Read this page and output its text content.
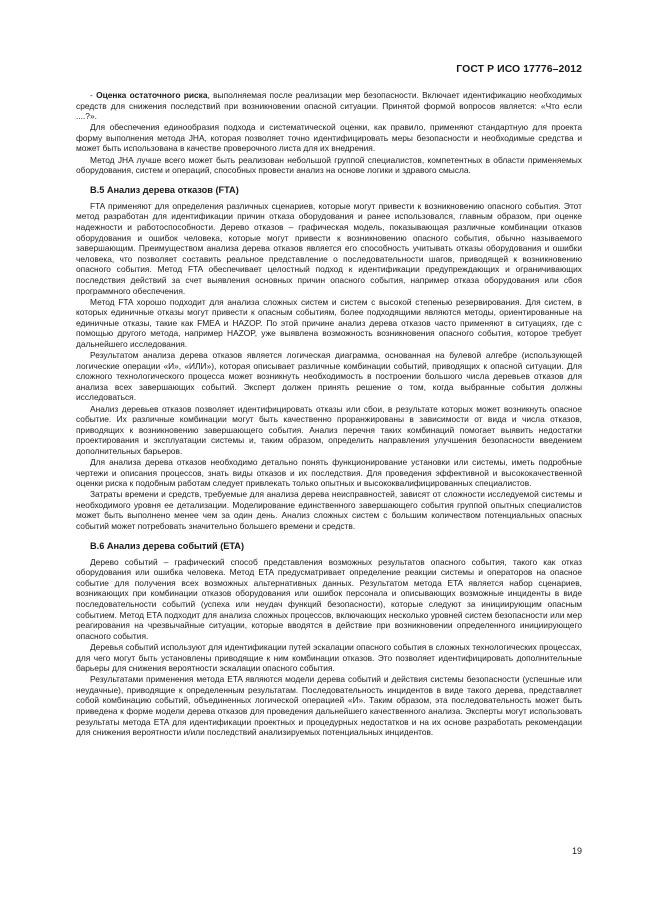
ГОСТ Р ИСО 17776–2012

- Оценка остаточного риска, выполняемая после реализации мер безопасности. Включает идентификацию необходимых средств для снижения последствий при возникновении опасной ситуации. Принятой формой вопросов является: «Что если ....?».

Для обеспечения единообразия подхода и систематической оценки, как правило, применяют стандартную для проекта форму выполнения метода JHA, которая позволяет точно идентифицировать меры безопасности и необходимые средства и может быть использована в качестве проверочного листа для их внедрения.

Метод JHA лучше всего может быть реализован небольшой группой специалистов, компетентных в области применяемых оборудования, систем и операций, способных провести анализ на основе логики и здравого смысла.

B.5 Анализ дерева отказов (FTA)

FTA применяют для определения различных сценариев, которые могут привести к возникновению опасного события. Этот метод разработан для идентификации причин отказа оборудования и ранее использовался, главным образом, при оценке надежности и работоспособности. Дерево отказов – графическая модель, показывающая различные комбинации отказов оборудования и ошибок человека, которые могут привести к возникновению опасного события, обычно называемого завершающим. Преимуществом анализа дерева отказов является его способность учитывать отказы оборудования и ошибки человека, что позволяет составить реальное представление о последовательности шагов, приводящей к возникновению опасного события. Метод FTA обеспечивает целостный подход к идентификации предупреждающих и ограничивающих последствия действий за счет выявления основных причин опасного события, например отказа оборудования или сбоя программного обеспечения.

Метод FTA хорошо подходит для анализа сложных систем и систем с высокой степенью резервирования. Для систем, в которых единичные отказы могут привести к опасным событиям, более подходящими являются методы, ориентированные на единичные отказы, такие как FMEA и HAZOP. По этой причине анализ дерева отказов часто применяют в ситуациях, где с помощью другого метода, например HAZOP, уже выявлена возможность возникновения опасного события, которое требует дальнейшего исследования.

Результатом анализа дерева отказов является логическая диаграмма, основанная на булевой алгебре (использующей логические операции «И», «ИЛИ»), которая описывает различные комбинации событий, приводящих к опасной ситуации. Для сложного технологического процесса может возникнуть необходимость в построении большого числа деревьев отказов для анализа всех завершающих событий. Эксперт должен принять решение о том, когда выбранные события должны исследоваться.

Анализ деревьев отказов позволяет идентифицировать отказы или сбои, в результате которых может возникнуть опасное событие. Их различные комбинации могут быть качественно проранжированы в зависимости от вида и числа отказов, приводящих к возникновению завершающего события. Анализ перечня таких комбинаций помогает выявить недостатки проектирования и эксплуатации системы и, таким образом, определить направления улучшения безопасности введением дополнительных барьеров.

Для анализа дерева отказов необходимо детально понять функционирование установки или системы, иметь подробные чертежи и описания процессов, знать виды отказов и их последствия. Для проведения эффективной и высококачественной оценки риска к подобным работам следует привлекать только опытных и высококвалифицированных специалистов.

Затраты времени и средств, требуемые для анализа дерева неисправностей, зависят от сложности исследуемой системы и необходимого уровня ее детализации. Моделирование единственного завершающего события группой опытных специалистов может быть выполнено менее чем за один день. Анализ сложных систем с большим количеством потенциальных опасных событий может потребовать значительно большего времени и средств.

B.6 Анализ дерева событий (ETA)

Дерево событий – графический способ представления возможных результатов опасного события, такого как отказ оборудования или ошибка человека. Метод ETA предусматривает определение реакции системы и операторов на опасное событие для получения всех возможных альтернативных данных. Результатом метода ETA является набор сценариев, возникающих при комбинации отказов оборудования или ошибок персонала и описывающих возможные инциденты в виде последовательности событий (успеха или неудач функций безопасности), которые следуют за инициирующим опасным событием. Метод ETA подходит для анализа сложных процессов, включающих несколько уровней систем безопасности или мер реагирования на чрезвычайные ситуации, которые вводятся в действие при возникновении определенного инициирующего опасного события.

Деревья событий используют для идентификации путей эскалации опасного события в сложных технологических процессах, для чего могут быть установлены приводящие к ним комбинации отказов. Это позволяет идентифицировать дополнительные барьеры для снижения вероятности эскалации опасного события.

Результатами применения метода ETA являются модели дерева событий и действия системы безопасности (успешные или неудачные), приводящие к определенным результатам. Последовательность инцидентов в виде такого дерева, представляет собой комбинацию событий, объединенных логической операцией «И». Таким образом, эта последовательность может быть приведена к форме модели дерева отказов для проведения дальнейшего качественного анализа. Эксперты могут использовать результаты метода ETA для идентификации проектных и процедурных недостатков и на их основе разработать рекомендации для снижения вероятности и/или последствий анализируемых потенциальных инцидентов.

19
